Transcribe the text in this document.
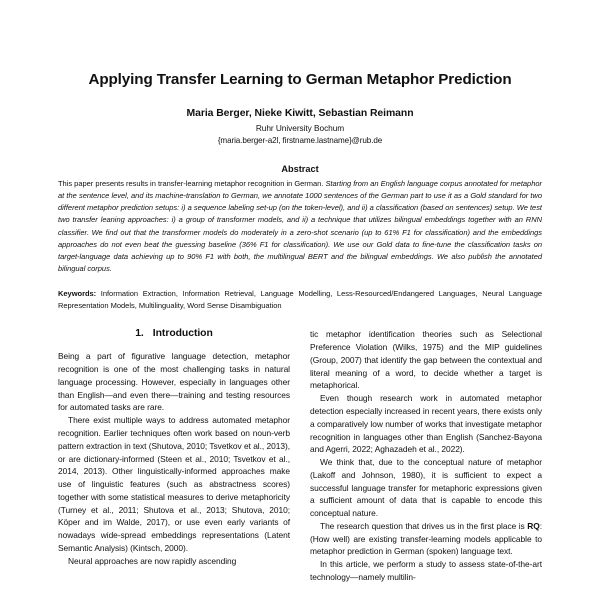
Applying Transfer Learning to German Metaphor Prediction
Maria Berger, Nieke Kiwitt, Sebastian Reimann
Ruhr University Bochum
{maria.berger-a2l, firstname.lastname}@rub.de
Abstract

This paper presents results in transfer-learning metaphor recognition in German. Starting from an English language corpus annotated for metaphor at the sentence level, and its machine-translation to German, we annotate 1000 sentences of the German part to use it as a Gold standard for two different metaphor prediction setups: i) a sequence labeling set-up (on the token-level), and ii) a classification (based on sentences) setup. We test two transfer leaning approaches: i) a group of transformer models, and ii) a technique that utilizes bilingual embeddings together with an RNN classifier. We find out that the transformer models do moderately in a zero-shot scenario (up to 61% F1 for classification) and the embeddings approaches do not even beat the guessing baseline (36% F1 for classification). We use our Gold data to fine-tune the classification tasks on target-language data achieving up to 90% F1 with both, the multilingual BERT and the bilingual embeddings. We also publish the annotated bilingual corpus.

Keywords: Information Extraction, Information Retrieval, Language Modelling, Less-Resourced/Endangered Languages, Neural Language Representation Models, Multilinguality, Word Sense Disambiguation
1. Introduction

Being a part of figurative language detection, metaphor recognition is one of the most challenging tasks in natural language processing. However, especially in languages other than English—and even there—training and testing resources for automated tasks are rare.

There exist multiple ways to address automated metaphor recognition. Earlier techniques often work based on noun-verb pattern extraction in text (Shutova, 2010; Tsvetkov et al., 2013), or are dictionary-informed (Steen et al., 2010; Tsvetkov et al., 2014, 2013). Other linguistically-informed approaches make use of linguistic features (such as abstractness scores) together with some statistical measures to derive metaphoricity (Turney et al., 2011; Shutova et al., 2013; Shutova, 2010; Köper and im Walde, 2017), or use even early variants of nowadays wide-spread embeddings representations (Latent Semantic Analysis) (Kintsch, 2000).

Neural approaches are now rapidly ascending

tic metaphor identification theories such as Selectional Preference Violation (Wilks, 1975) and the MIP guidelines (Group, 2007) that identify the gap between the contextual and literal meaning of a word, to decide whether a target is metaphorical.

Even though research work in automated metaphor detection especially increased in recent years, there exists only a comparatively low number of works that investigate metaphor recognition in languages other than English (Sanchez-Bayona and Agerri, 2022; Aghazadeh et al., 2022).

We think that, due to the conceptual nature of metaphor (Lakoff and Johnson, 1980), it is sufficient to expect a successful language transfer for metaphoric expressions given a sufficient amount of data that is capable to encode this conceptual nature.

The research question that drives us in the first place is RQ: (How well) are existing transfer-learning models applicable to metaphor prediction in German (spoken) language text.

In this article, we perform a study to assess state-of-the-art technology—namely multilin-
